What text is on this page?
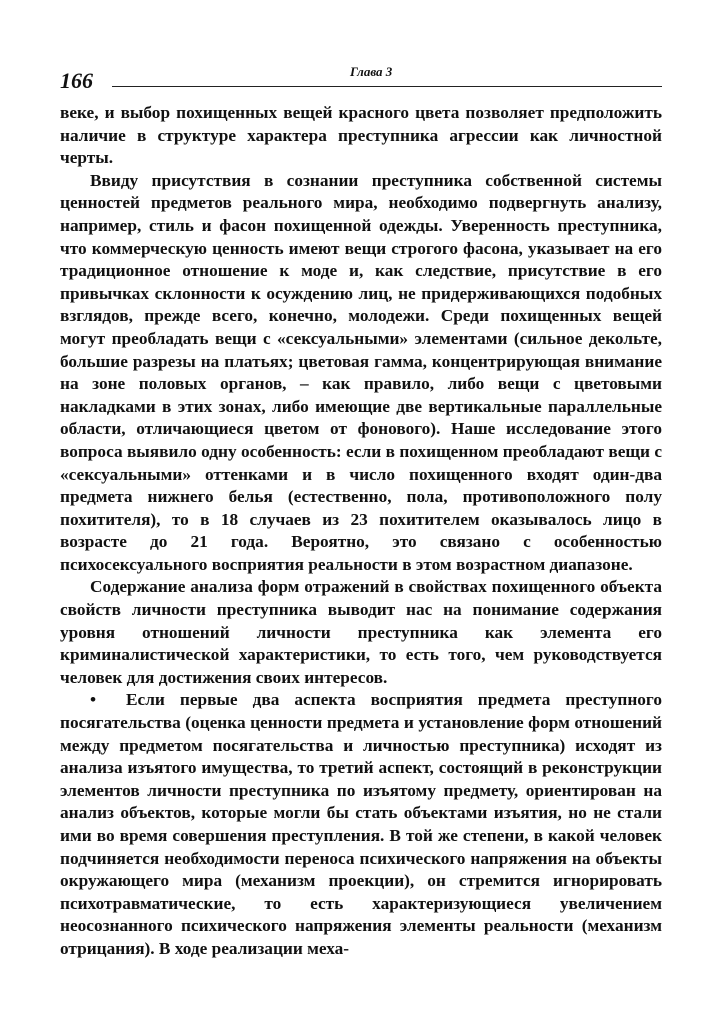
166	Глава 3

веке, и выбор похищенных вещей красного цвета позволяет предположить наличие в структуре характера преступника агрессии как личностной черты.

Ввиду присутствия в сознании преступника собственной системы ценностей предметов реального мира, необходимо подвергнуть анализу, например, стиль и фасон похищенной одежды. Уверенность преступника, что коммерческую ценность имеют вещи строгого фасона, указывает на его традиционное отношение к моде и, как следствие, присутствие в его привычках склонности к осуждению лиц, не придерживающихся подобных взглядов, прежде всего, конечно, молодежи. Среди похищенных вещей могут преобладать вещи с «сексуальными» элементами (сильное декольте, большие разрезы на платьях; цветовая гамма, концентрирующая внимание на зоне половых органов, – как правило, либо вещи с цветовыми накладками в этих зонах, либо имеющие две вертикальные параллельные области, отличающиеся цветом от фонового). Наше исследование этого вопроса выявило одну особенность: если в похищенном преобладают вещи с «сексуальными» оттенками и в число похищенного входят один-два предмета нижнего белья (естественно, пола, противоположного полу похитителя), то в 18 случаев из 23 похитителем оказывалось лицо в возрасте до 21 года. Вероятно, это связано с особенностью психосексуального восприятия реальности в этом возрастном диапазоне.

Содержание анализа форм отражений в свойствах похищенного объекта свойств личности преступника выводит нас на понимание содержания уровня отношений личности преступника как элемента его криминалистической характеристики, то есть того, чем руководствуется человек для достижения своих интересов.

• Если первые два аспекта восприятия предмета преступного посягательства (оценка ценности предмета и установление форм отношений между предметом посягательства и личностью преступника) исходят из анализа изъятого имущества, то третий аспект, состоящий в реконструкции элементов личности преступника по изъятому предмету, ориентирован на анализ объектов, которые могли бы стать объектами изъятия, но не стали ими во время совершения преступления. В той же степени, в какой человек подчиняется необходимости переноса психического напряжения на объекты окружающего мира (механизм проекции), он стремится игнорировать психотравматические, то есть характеризующиеся увеличением неосознанного психического напряжения элементы реальности (механизм отрицания). В ходе реализации меха-
